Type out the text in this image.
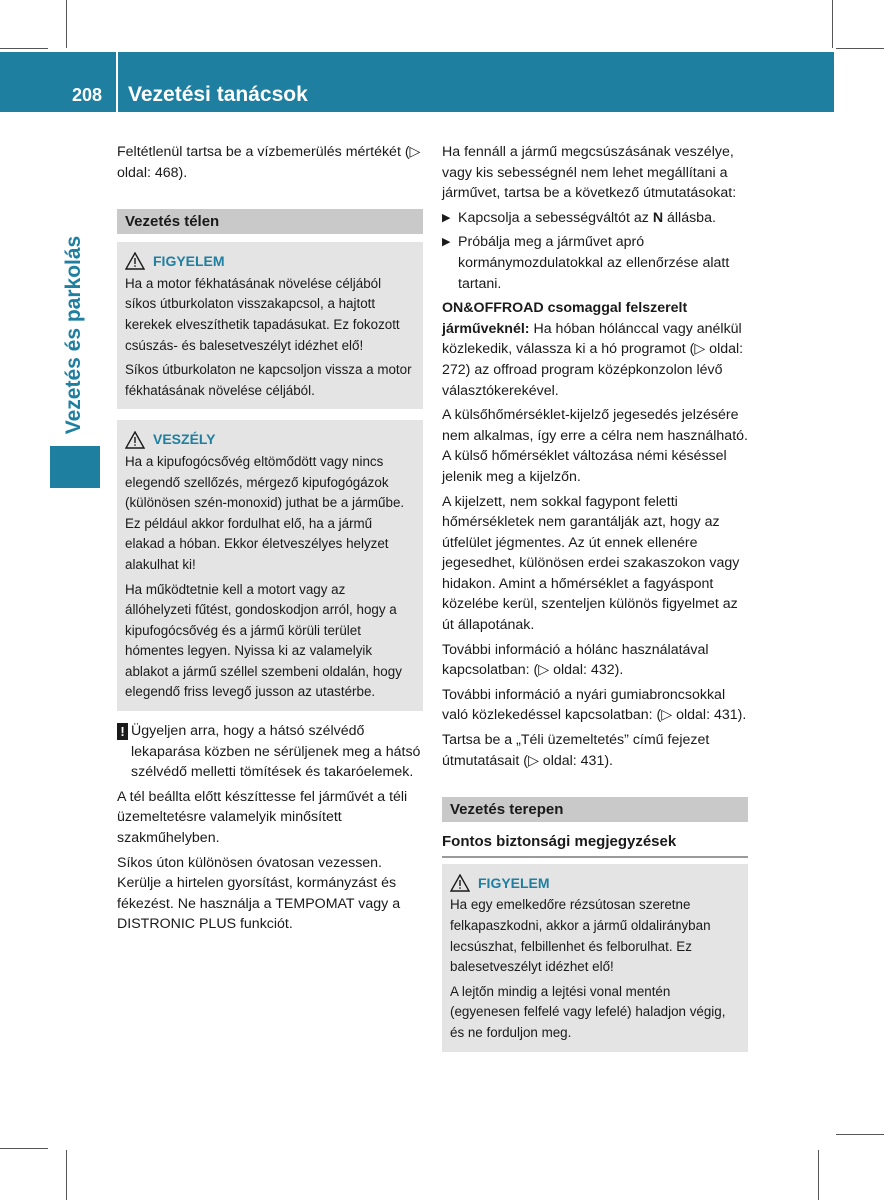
208 Vezetési tanácsok
Vezetés és parkolás

Feltétlenül tartsa be a vízbemerülés mértékét (▷ oldal: 468).

Vezetés télen
FIGYELEM

Ha a motor fékhatásának növelése céljából síkos útburkolaton visszakapcsol, a hajtott kerekek elveszíthetik tapadásukat. Ez fokozott csúszás- és balesetveszélyt idézhet elő!

Síkos útburkolaton ne kapcsoljon vissza a motor fékhatásának növelése céljából.

VESZÉLY

Ha a kipufogócsővég eltömődött vagy nincs elegendő szellőzés, mérgező kipufogógázok (különösen szén-monoxid) juthat be a járműbe. Ez például akkor fordulhat elő, ha a jármű elakad a hóban. Ekkor életveszélyes helyzet alakulhat ki!

Ha működtetnie kell a motort vagy az állóhelyzeti fűtést, gondoskodjon arról, hogy a kipufogócsővég és a jármű körüli terület hómentes legyen. Nyissa ki az valamelyik ablakot a jármű széllel szembeni oldalán, hogy elegendő friss levegő jusson az utastérbe.

! Ügyeljen arra, hogy a hátsó szélvédő lekaparása közben ne sérüljenek meg a hátsó szélvédő melletti tömítések és takaróelemek.

A tél beállta előtt készíttesse fel járművét a téli üzemeltetésre valamelyik minősített szakműhelyben.

Síkos úton különösen óvatosan vezessen. Kerülje a hirtelen gyorsítást, kormányzást és fékezést. Ne használja a TEMPOMAT vagy a DISTRONIC PLUS funkciót.

Ha fennáll a jármű megcsúszásának veszélye, vagy kis sebességnél nem lehet megállítani a járművet, tartsa be a következő útmutatásokat:

▶ Kapcsolja a sebességváltót az N állásba.
▶ Próbálja meg a járművet apró kormánymozdulatokkal az ellenőrzése alatt tartani.

ON&OFFROAD csomaggal felszerelt járműveknél: Ha hóban hólánccal vagy anélkül közlekedik, válassza ki a hó programot (▷ oldal: 272) az offroad program középkonzolon lévő választókerekével.

A külsőhőmérséklet-kijelző jegesedés jelzésére nem alkalmas, így erre a célra nem használható. A külső hőmérséklet változása némi késéssel jelenik meg a kijelzőn.

A kijelzett, nem sokkal fagypont feletti hőmérsékletek nem garantálják azt, hogy az útfelület jégmentes. Az út ennek ellenére jegesedhet, különösen erdei szakaszokon vagy hidakon. Amint a hőmérséklet a fagyáspont közelébe kerül, szenteljen különös figyelmet az út állapotának.

További információ a hólánc használatával kapcsolatban: (▷ oldal: 432).

További információ a nyári gumiabroncsokkal való közlekedéssel kapcsolatban: (▷ oldal: 431).

Tartsa be a „Téli üzemeltetés” című fejezet útmutatásait (▷ oldal: 431).

Vezetés terepen
Fontos biztonsági megjegyzések
FIGYELEM

Ha egy emelkedőre rézsútosan szeretne felkapaszkodni, akkor a jármű oldalirányban lecsúszhat, felbillenhet és felborulhat. Ez balesetveszélyt idézhet elő!

A lejtőn mindig a lejtési vonal mentén (egyenesen felfelé vagy lefelé) haladjon végig, és ne forduljon meg.
